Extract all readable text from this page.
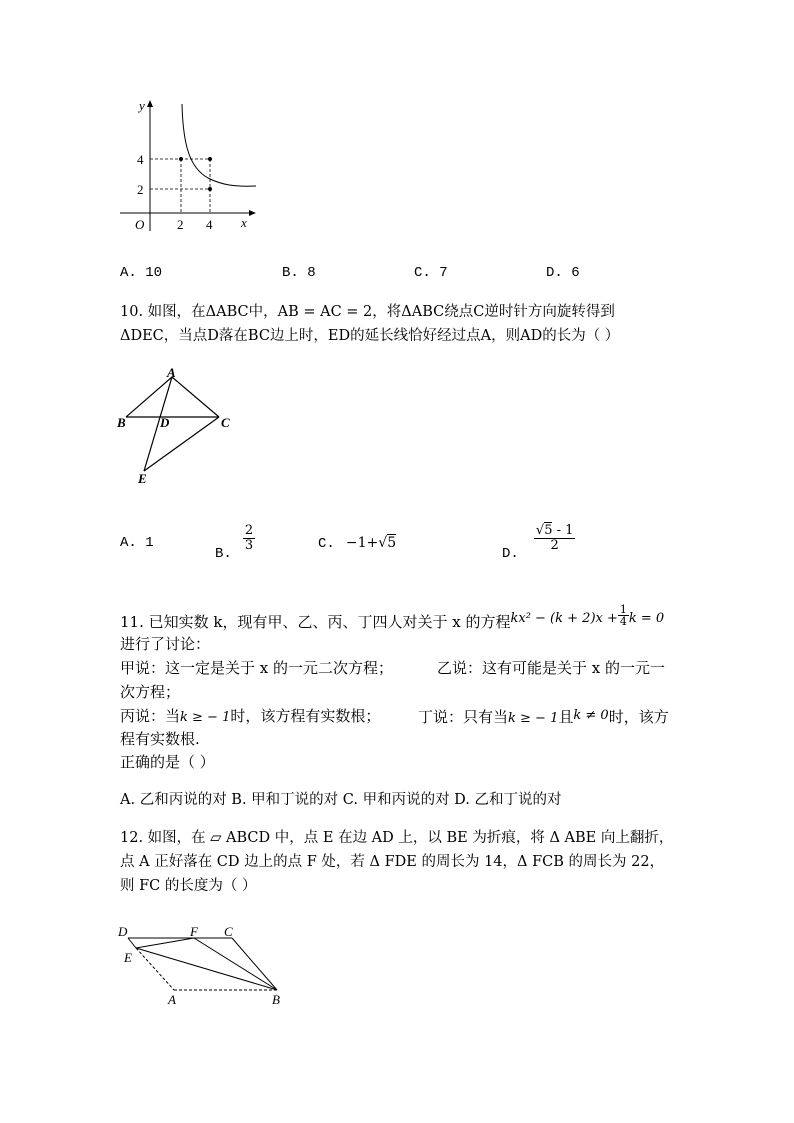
y
x
O
4
2
2 4
A. 10	B. 8	C. 7	D. 6
10. 如图，在ΔABC中，AB = AC = 2，将ΔABC绕点C逆时针方向旋转得到
ΔDEC，当点D落在BC边上时，ED的延长线恰好经过点A，则AD的长为（ ）
A
B	D	C
E
A. 1
B.
$\frac{2}{3}$	C. −1+√5
D.
$\frac{√5 - 1}{2}$
11. 已知实数 k，现有甲、乙、丙、丁四人对关于 x 的方程$kx^2 - (k + 2)x + \frac{1}{4}$ k = 0
进行了讨论：
甲说：这一定是关于 x 的一元二次方程；	乙说：这有可能是关于 x 的一元一
次方程；
丙说：当k ≥ − 1时，该方程有实数根；	丁说：只有当k ≥ − 1且k ≠ 0时，该方
程有实数根.
正确的是（ ）
A. 乙和丙说的对 B. 甲和丁说的对 C. 甲和丙说的对 D. 乙和丁说的对
12. 如图，在 ▱ ABCD 中，点 E 在边 AD 上，以 BE 为折痕，将 Δ ABE 向上翻折，
点 A 正好落在 CD 边上的点 F 处，若 Δ FDE 的周长为 14，Δ FCB 的周长为 22，
则 FC 的长度为（ ）
D	F C
E
A	B
